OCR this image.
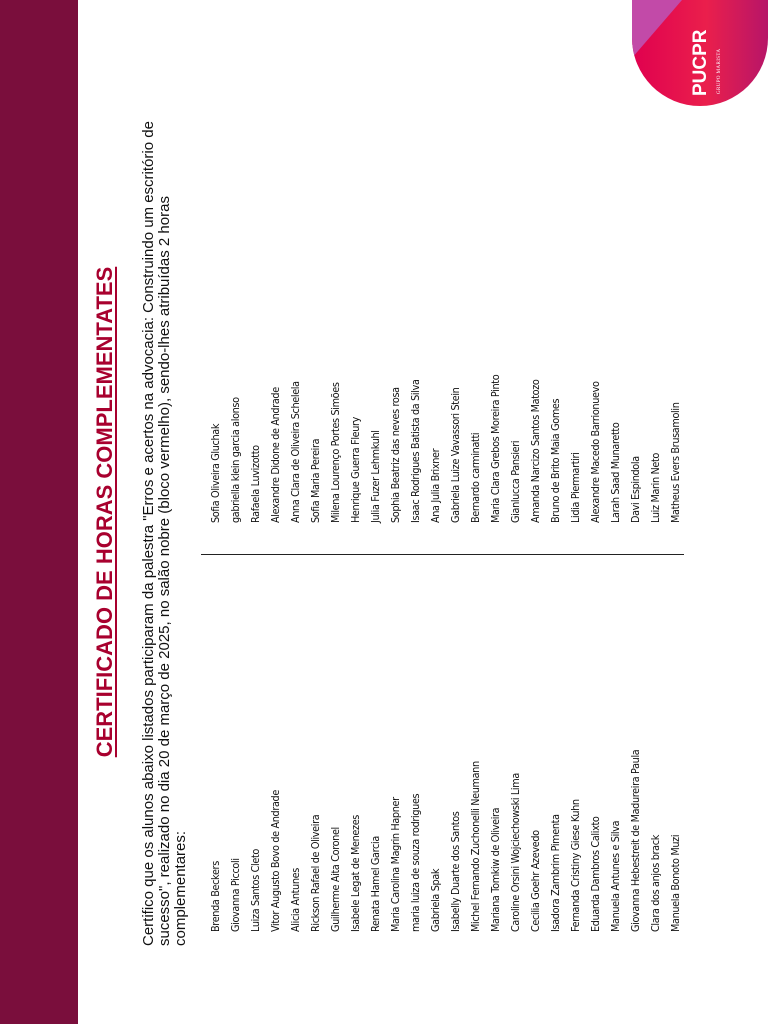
PUCPR GRUPO MARISTA
CERTIFICADO DE HORAS COMPLEMENTATES Certifico que os alunos abaixo listados participaram da palestra "Erros e acertos na advocacia: Construindo um escritório de sucesso", realizado no dia 20 de março de 2025, no salão nobre (bloco vermelho), sendo-lhes atribuídas 2 horas complementares: Brenda Beckers Giovanna Piccoli Luiza Santos Cleto Vitor Augusto Bovo de Andrade Alicia Antunes Rickson Rafael de Oliveira Guilherme Aita Coronel Isabele Legat de Menezes Renata Hamel Garcia Maria Carolina Magrin Hapner maria luiza de souza rodrigues Gabriela Spak Isabelly Duarte dos Santos Michel Fernando Zuchonelli Neumann Mariana Tomkiw de Oliveira Caroline Orsini Wojciechowski Lima Cecilia Goehr Azevedo Isadora Zambrim Pimenta Fernanda Cristiny Giese Kuhn Eduarda Dambros Calixto Manuela Antunes e Silva Giovanna Hebestreit de Madureira Paula Clara dos anjos brack Manuela Bonoto Muzi
Sofia Oliveira Gluchak gabriella klein garcia alonso Rafaela Luvizotto Alexandre Didone de Andrade Anna Clara de Oliveira Schelela Sofia Maria Pereira Milena Lourenço Portes Simões Henrique Guerra Fleury Julia Fuzer Lehmkuhl Sophia Beatriz das neves rosa Isaac Rodrigues Batista da Silva Ana Julia Brixner Gabriela Luize Vavassori Stein Bernardo carminatti Maria Clara Grebos Moreira Pinto Gianlucca Pansieri Amanda Narcizo Santos Matozo Bruno de Brito Maia Gomes Lidia Piermartiri Alexandre Macedo Barrionuevo Larah Saad Munaretto Davi Espindola Luiz Marin Neto Matheus Evers Brusamolin
